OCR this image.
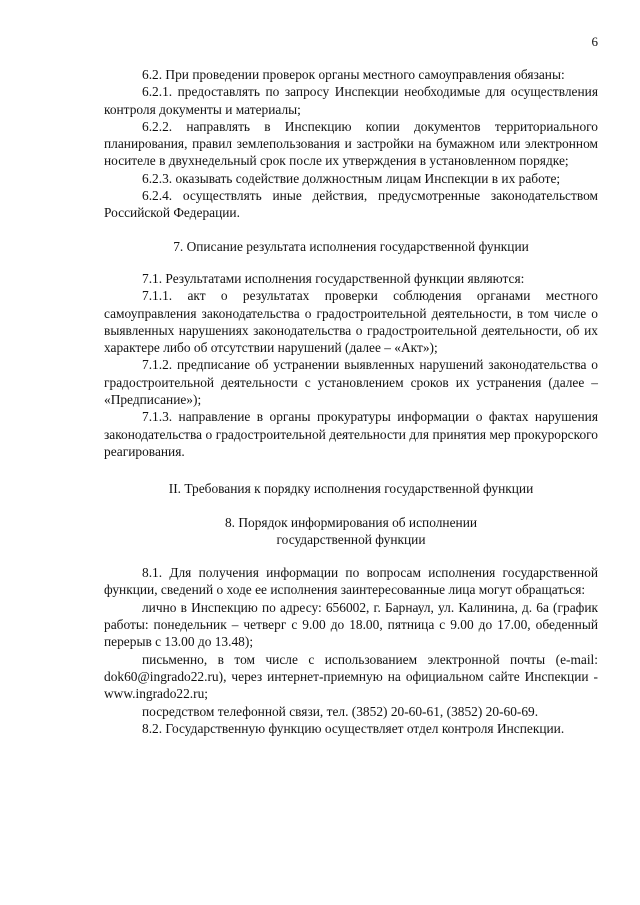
6

6.2. При проведении проверок органы местного самоуправления обязаны:

6.2.1. предоставлять по запросу Инспекции необходимые для осуществления контроля документы и материалы;

6.2.2. направлять в Инспекцию копии документов территориального планирования, правил землепользования и застройки на бумажном или электронном носителе в двухнедельный срок после их утверждения в установленном порядке;

6.2.3. оказывать содействие должностным лицам Инспекции в их работе;

6.2.4. осуществлять иные действия, предусмотренные законодательством Российской Федерации.

7. Описание результата исполнения государственной функции

7.1. Результатами исполнения государственной функции являются:

7.1.1. акт о результатах проверки соблюдения органами местного самоуправления законодательства о градостроительной деятельности, в том числе о выявленных нарушениях законодательства о градостроительной деятельности, об их характере либо об отсутствии нарушений (далее – «Акт»);

7.1.2. предписание об устранении выявленных нарушений законодательства о градостроительной деятельности с установлением сроков их устранения (далее – «Предписание»);

7.1.3. направление в органы прокуратуры информации о фактах нарушения законодательства о градостроительной деятельности для принятия мер прокурорского реагирования.

II. Требования к порядку исполнения государственной функции

8. Порядок информирования об исполнении

государственной функции

8.1. Для получения информации по вопросам исполнения государственной функции, сведений о ходе ее исполнения заинтересованные лица могут обращаться:

лично в Инспекцию по адресу: 656002, г. Барнаул, ул. Калинина, д. 6а (график работы: понедельник – четверг с 9.00 до 18.00, пятница с 9.00 до 17.00, обеденный перерыв с 13.00 до 13.48);

письменно, в том числе с использованием электронной почты (e-mail: dok60@ingrado22.ru), через интернет-приемную на официальном сайте Инспекции - www.ingrado22.ru;

посредством телефонной связи, тел. (3852) 20-60-61, (3852) 20-60-69.

8.2. Государственную функцию осуществляет отдел контроля Инспекции.
